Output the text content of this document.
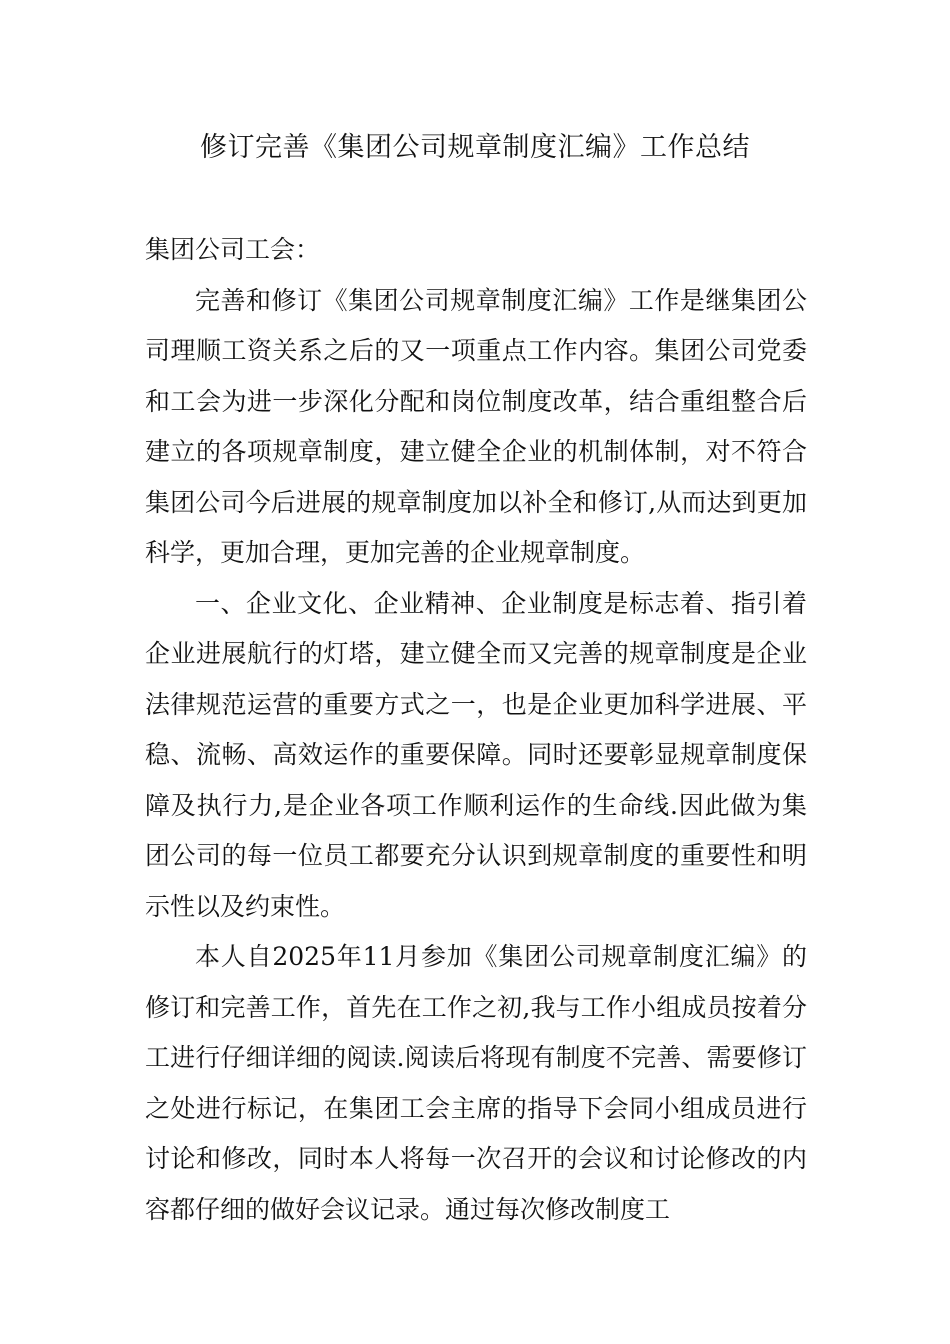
修订完善《集团公司规章制度汇编》工作总结

集团公司工会：

完善和修订《集团公司规章制度汇编》工作是继集团公司理顺工资关系之后的又一项重点工作内容。集团公司党委和工会为进一步深化分配和岗位制度改革，结合重组整合后建立的各项规章制度，建立健全企业的机制体制，对不符合集团公司今后进展的规章制度加以补全和修订,从而达到更加科学，更加合理，更加完善的企业规章制度。

一、企业文化、企业精神、企业制度是标志着、指引着企业进展航行的灯塔，建立健全而又完善的规章制度是企业法律规范运营的重要方式之一，也是企业更加科学进展、平稳、流畅、高效运作的重要保障。同时还要彰显规章制度保障及执行力,是企业各项工作顺利运作的生命线.因此做为集团公司的每一位员工都要充分认识到规章制度的重要性和明示性以及约束性。

本人自2025年11月参加《集团公司规章制度汇编》的修订和完善工作，首先在工作之初,我与工作小组成员按着分工进行仔细详细的阅读.阅读后将现有制度不完善、需要修订之处进行标记，在集团工会主席的指导下会同小组成员进行讨论和修改，同时本人将每一次召开的会议和讨论修改的内容都仔细的做好会议记录。通过每次修改制度工
